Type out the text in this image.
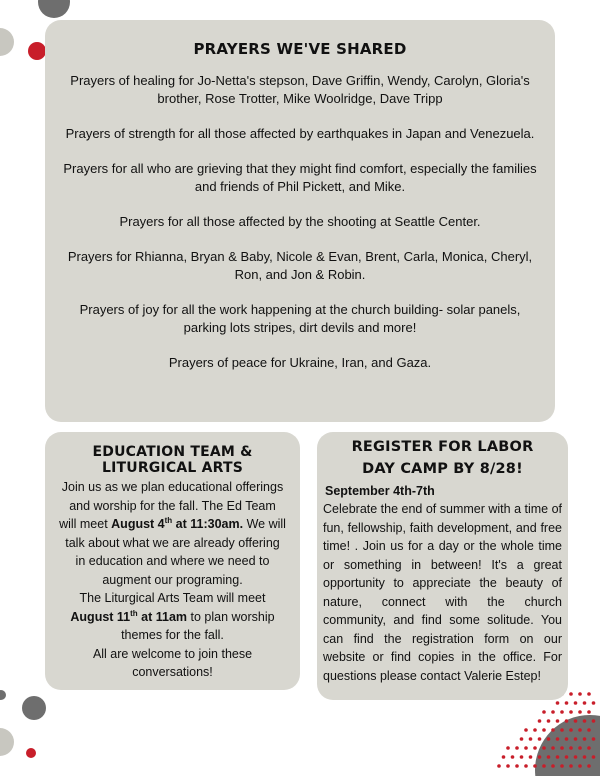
PRAYERS WE'VE SHARED

Prayers of healing for Jo-Netta's stepson, Dave Griffin, Wendy, Carolyn, Gloria's brother, Rose Trotter, Mike Woolridge, Dave Tripp

Prayers of strength for all those affected by earthquakes in Japan and Venezuela.

Prayers for all who are grieving that they might find comfort, especially the families and friends of Phil Pickett, and Mike.

Prayers for all those affected by the shooting at Seattle Center.

Prayers for Rhianna, Bryan & Baby, Nicole & Evan, Brent, Carla, Monica, Cheryl, Ron, and Jon & Robin.

Prayers of joy for all the work happening at the church building- solar panels, parking lots stripes, dirt devils and more!

Prayers of peace for Ukraine, Iran, and Gaza.

EDUCATION TEAM &
LITURGICAL ARTS
Join us as we plan educational offerings and worship for the fall. The Ed Team will meet August 4th at 11:30am. We will talk about what we are already offering in education and where we need to augment our programing.
The Liturgical Arts Team will meet August 11th at 11am to plan worship themes for the fall.
All are welcome to join these conversations!
REGISTER FOR LABOR
DAY CAMP BY 8/28!
September 4th-7th
Celebrate the end of summer with a time of fun, fellowship, faith development, and free time! . Join us for a day or the whole time or something in between! It's a great opportunity to appreciate the beauty of nature, connect with the church community, and find some solitude. You can find the registration form on our website or find copies in the office. For questions please contact Valerie Estep!
